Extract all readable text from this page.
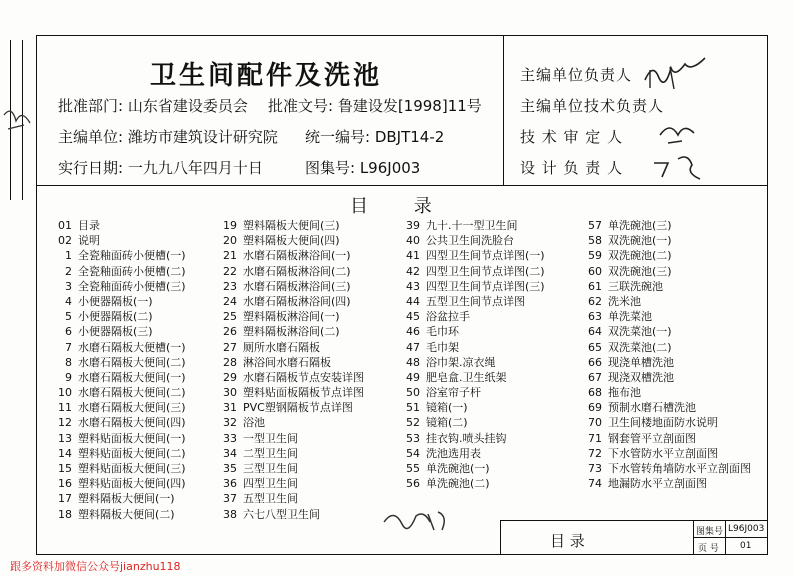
卫生间配件及洗池
批准部门: 山东省建设委员会 批准文号: 鲁建设发[1998]11号
主编单位: 潍坊市建筑设计研究院 统一编号: DBJT14-2
实行日期: 一九九八年四月十日	图集号: L96J003
主编单位负责人
主编单位技术负责人
技 术 审 定 人
设 计 负 责 人
目 录
01 目录
02 说明
1 全瓷釉面砖小便槽(一)
2 全瓷釉面砖小便槽(二)
3 全瓷釉面砖小便槽(三)
4 小便器隔板(一)
5 小便器隔板(二)
6 小便器隔板(三)
7 水磨石隔板大便槽(一)
8 水磨石隔板大便间(二)
9 水磨石隔板大便间(一)
10 水磨石隔板大便间(二)
11 水磨石隔板大便间(三)
12 水磨石隔板大便间(四)
13 塑料贴面板大便间(一)
14 塑料贴面板大便间(二)
15 塑料贴面板大便间(三)
16 塑料贴面板大便间(四)
17 塑料隔板大便间(一)
18 塑料隔板大便间(二)
19 塑料隔板大便间(三)
20 塑料隔板大便间(四)
21 水磨石隔板淋浴间(一)
22 水磨石隔板淋浴间(二)
23 水磨石隔板淋浴间(三)
24 水磨石隔板淋浴间(四)
25 塑料隔板淋浴间(一)
26 塑料隔板淋浴间(二)
27 厕所水磨石隔板
28 淋浴间水磨石隔板
29 水磨石隔板节点安装详图
30 塑料贴面板隔板节点详图
31 PVC塑钢隔板节点详图
32 浴池
33 一型卫生间
34 二型卫生间
35 三型卫生间
36 四型卫生间
37 五型卫生间
38 六七八型卫生间
39 九十.十一型卫生间
40 公共卫生间洗脸台
41 四型卫生间节点详图(一)
42 四型卫生间节点详图(二)
43 四型卫生间节点详图(三)
44 五型卫生间节点详图
45 浴盆拉手
46 毛巾环
47 毛巾架
48 浴巾架.凉衣绳
49 肥皂盒.卫生纸架
50 浴室帘子杆
51 镜箱(一)
52 镜箱(二)
53 挂衣钩.喷头挂钩
54 洗池选用表
55 单洗碗池(一)
56 单洗碗池(二)
57 单洗碗池(三)
58 双洗碗池(一)
59 双洗碗池(二)
60 双洗碗池(三)
61 三联洗碗池
62 洗米池
63 单洗菜池
64 双洗菜池(一)
65 双洗菜池(二)
66 现浇单槽洗池
67 现浇双槽洗池
68 拖布池
69 预制水磨石槽洗池
70 卫生间楼地面防水说明
71 钢套管平立剖面图
72 下水管防水平立剖面图
73 下水管转角墙防水平立剖面图
74 地漏防水平立剖面图
目 录	图集号 L96J003
页 号 01
跟多资料加微信公众号jianzhu118
